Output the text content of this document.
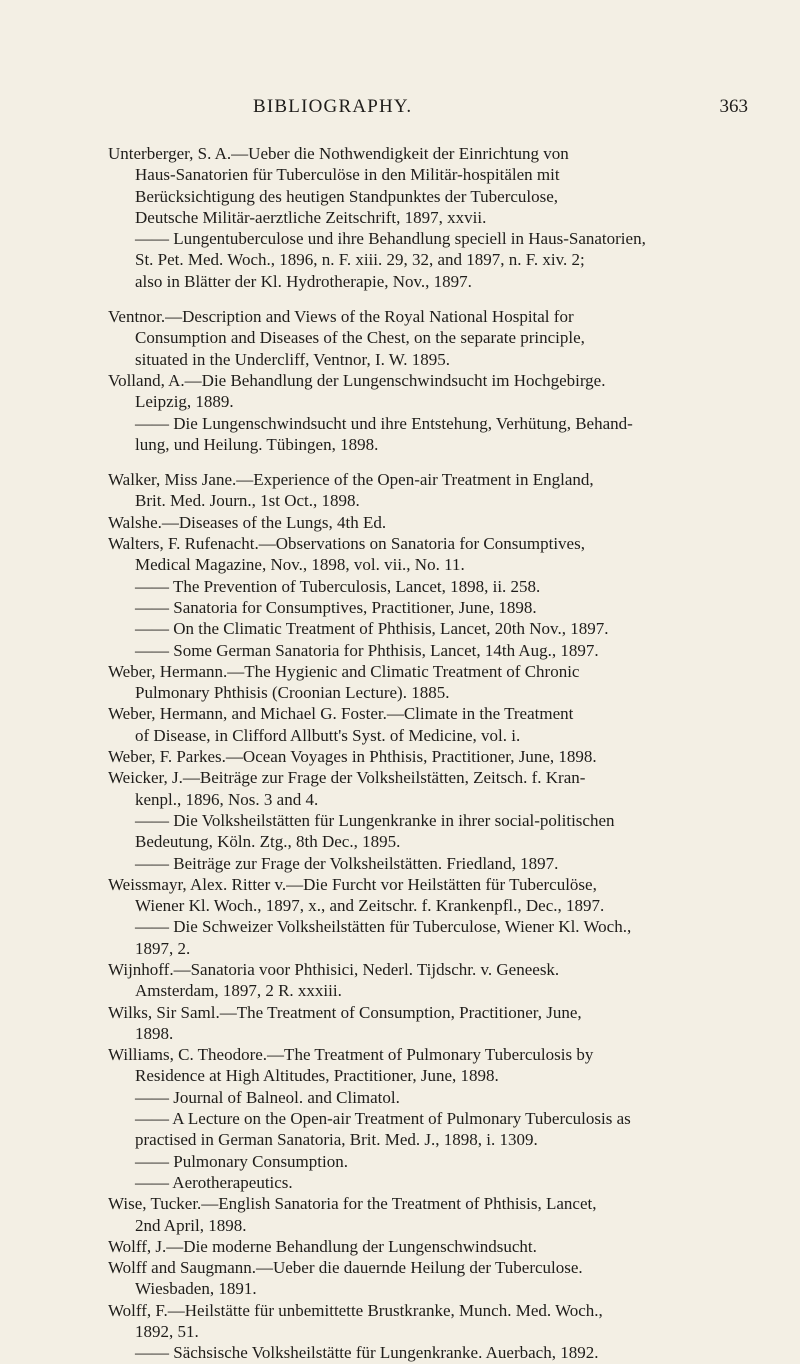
BIBLIOGRAPHY.	363
Unterberger, S. A.—Ueber die Nothwendigkeit der Einrichtung von
Haus-Sanatorien für Tuberculöse in den Militär-hospitälen mit
Berücksichtigung des heutigen Standpunktes der Tuberculose,
Deutsche Militär-aerztliche Zeitschrift, 1897, xxvii.
—— Lungentuberculose und ihre Behandlung speciell in Haus-Sanatorien,
St. Pet. Med. Woch., 1896, n. F. xiii. 29, 32, and 1897, n. F. xiv. 2;
also in Blätter der Kl. Hydrotherapie, Nov., 1897.
Ventnor.—Description and Views of the Royal National Hospital for
Consumption and Diseases of the Chest, on the separate principle,
situated in the Undercliff, Ventnor, I. W. 1895.
Volland, A.—Die Behandlung der Lungenschwindsucht im Hochgebirge.
Leipzig, 1889.
—— Die Lungenschwindsucht und ihre Entstehung, Verhütung, Behand-
lung, und Heilung. Tübingen, 1898.
Walker, Miss Jane.—Experience of the Open-air Treatment in England,
Brit. Med. Journ., 1st Oct., 1898.
Walshe.—Diseases of the Lungs, 4th Ed.
Walters, F. Rufenacht.—Observations on Sanatoria for Consumptives,
Medical Magazine, Nov., 1898, vol. vii., No. 11.
—— The Prevention of Tuberculosis, Lancet, 1898, ii. 258.
—— Sanatoria for Consumptives, Practitioner, June, 1898.
—— On the Climatic Treatment of Phthisis, Lancet, 20th Nov., 1897.
—— Some German Sanatoria for Phthisis, Lancet, 14th Aug., 1897.
Weber, Hermann.—The Hygienic and Climatic Treatment of Chronic
Pulmonary Phthisis (Croonian Lecture). 1885.
Weber, Hermann, and Michael G. Foster.—Climate in the Treatment
of Disease, in Clifford Allbutt's Syst. of Medicine, vol. i.
Weber, F. Parkes.—Ocean Voyages in Phthisis, Practitioner, June, 1898.
Weicker, J.—Beiträge zur Frage der Volksheilstätten, Zeitsch. f. Kran-
kenpl., 1896, Nos. 3 and 4.
—— Die Volksheilstätten für Lungenkranke in ihrer social-politischen
Bedeutung, Köln. Ztg., 8th Dec., 1895.
—— Beiträge zur Frage der Volksheilstätten. Friedland, 1897.
Weissmayr, Alex. Ritter v.—Die Furcht vor Heilstätten für Tuberculöse,
Wiener Kl. Woch., 1897, x., and Zeitschr. f. Krankenpfl., Dec., 1897.
—— Die Schweizer Volksheilstätten für Tuberculose, Wiener Kl. Woch.,
1897, 2.
Wijnhoff.—Sanatoria voor Phthisici, Nederl. Tijdschr. v. Geneesk.
Amsterdam, 1897, 2 R. xxxiii.
Wilks, Sir Saml.—The Treatment of Consumption, Practitioner, June,
1898.
Williams, C. Theodore.—The Treatment of Pulmonary Tuberculosis by
Residence at High Altitudes, Practitioner, June, 1898.
—— Journal of Balneol. and Climatol.
—— A Lecture on the Open-air Treatment of Pulmonary Tuberculosis as
practised in German Sanatoria, Brit. Med. J., 1898, i. 1309.
—— Pulmonary Consumption.
—— Aerotherapeutics.
Wise, Tucker.—English Sanatoria for the Treatment of Phthisis, Lancet,
2nd April, 1898.
Wolff, J.—Die moderne Behandlung der Lungenschwindsucht.
Wolff and Saugmann.—Ueber die dauernde Heilung der Tuberculose.
Wiesbaden, 1891.
Wolff, F.—Heilstätte für unbemittette Brustkranke, Munch. Med. Woch.,
1892, 51.
—— Sächsische Volksheilstätte für Lungenkranke. Auerbach, 1892.
